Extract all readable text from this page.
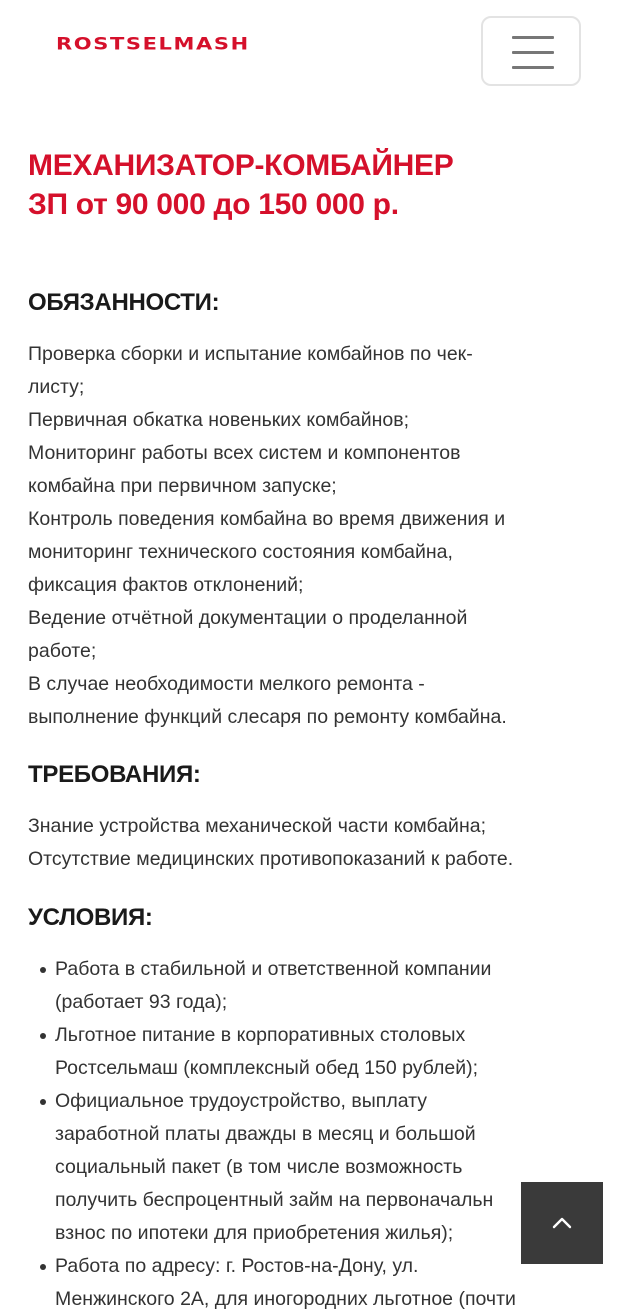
ROSTSELMASH
МЕХАНИЗАТОР-КОМБАЙНЕР
ЗП от 90 000 до 150 000 р.
ОБЯЗАННОСТИ:

Проверка сборки и испытание комбайнов по чек-

листу;

Первичная обкатка новеньких комбайнов;

Мониторинг работы всех систем и компонентов

комбайна при первичном запуске;

Контроль поведения комбайна во время движения и

мониторинг технического состояния комбайна,

фиксация фактов отклонений;

Ведение отчётной документации о проделанной

работе;

В случае необходимости мелкого ремонта -

выполнение функций слесаря по ремонту комбайна.

ТРЕБОВАНИЯ:

Знание устройства механической части комбайна;

Отсутствие медицинских противопоказаний к работе.

УСЛОВИЯ:
Работа в стабильной и ответственной компании
(работает 93 года);
Льготное питание в корпоративных столовых
Ростсельмаш (комплексный обед 150 рублей);
Официальное трудоустройство, выплату
заработной платы дважды в месяц и большой
социальный пакет (в том числе возможность
получить беспроцентный займ на первоначальн
взнос по ипотеки для приобретения жилья);
Работа по адресу: г. Ростов-на-Дону, ул.
Менжинского 2А, для иногородних льготное (почти
